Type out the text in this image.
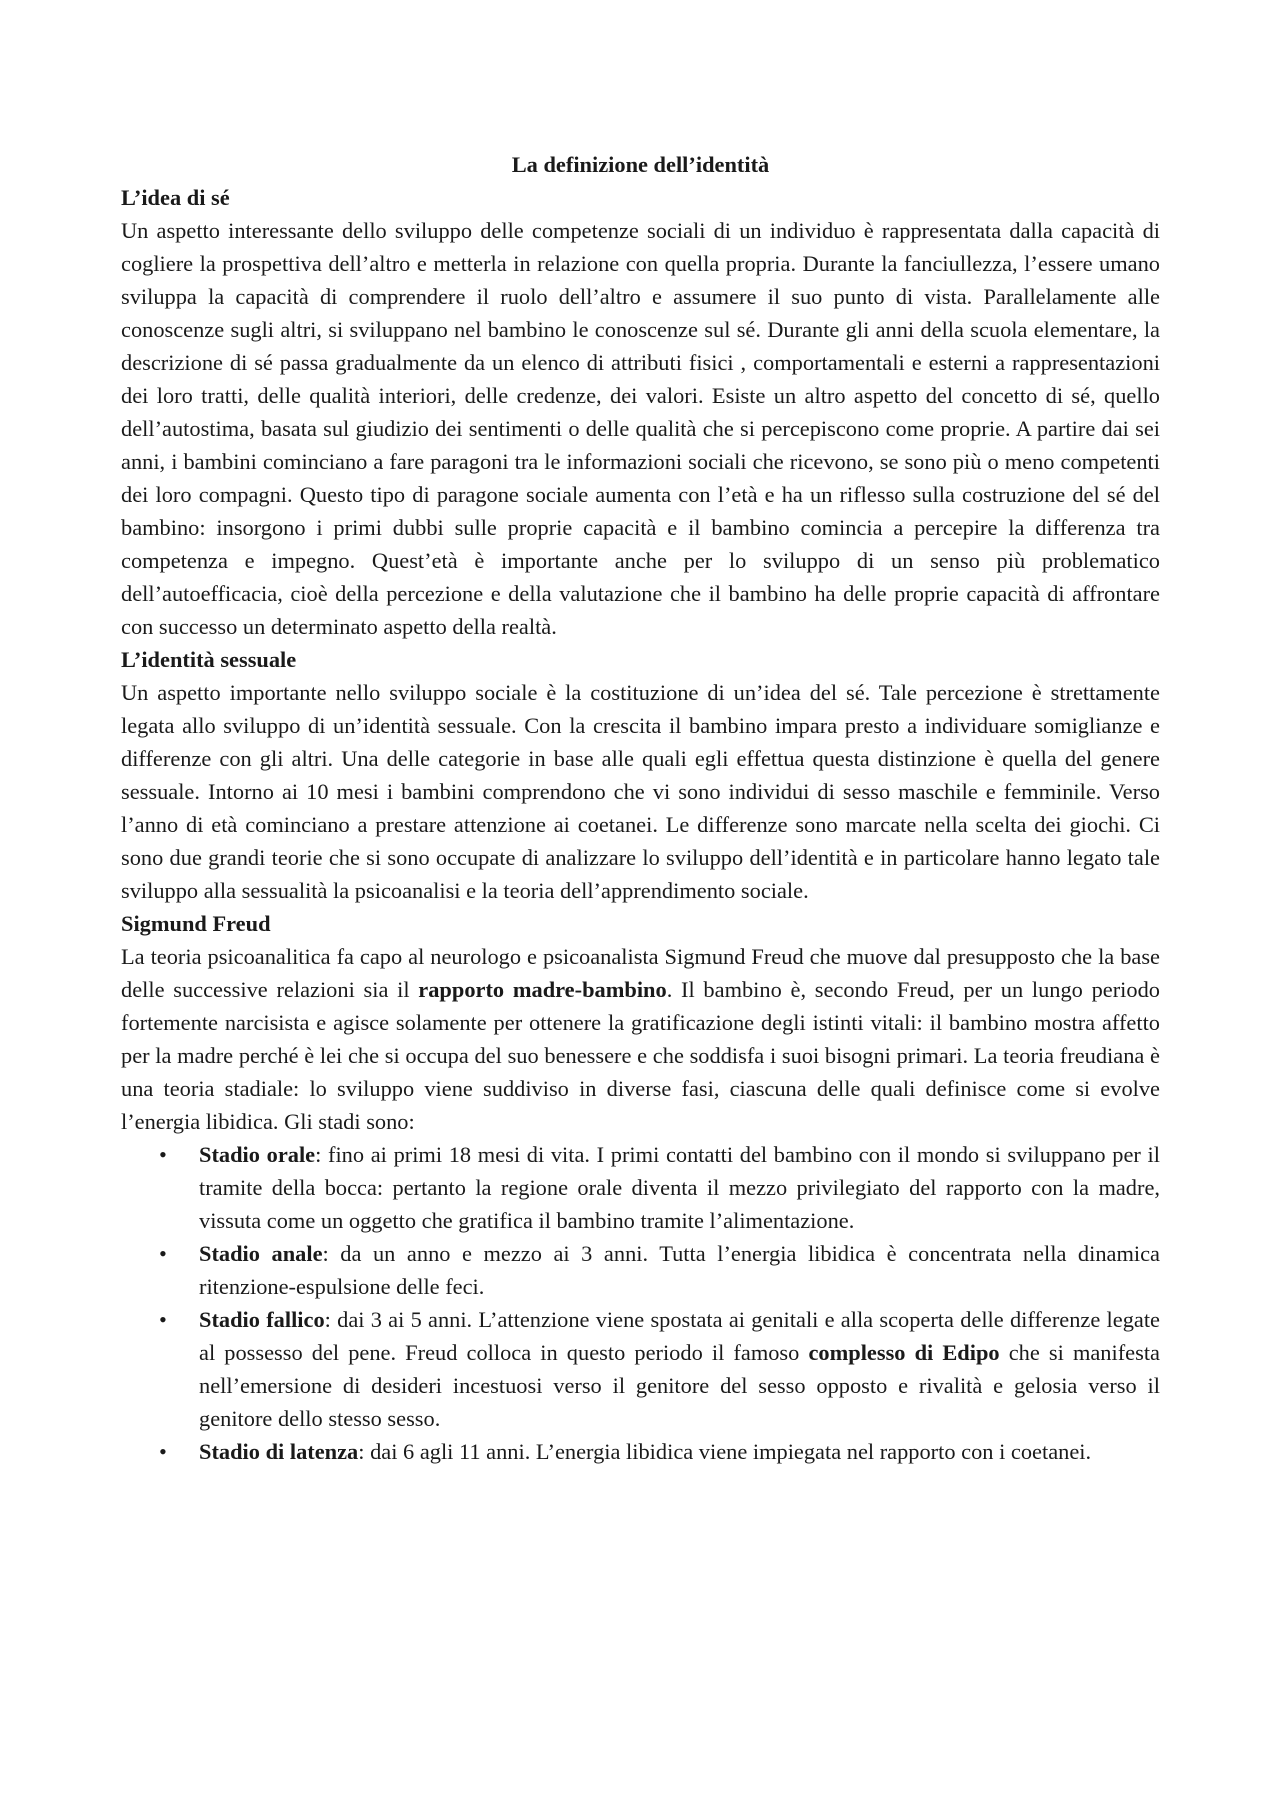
La definizione dell’identità

L’idea di sé

Un aspetto interessante dello sviluppo delle competenze sociali di un individuo è rappresentata dalla capacità di cogliere la prospettiva dell’altro e metterla in relazione con quella propria. Durante la fanciullezza, l’essere umano sviluppa la capacità di comprendere il ruolo dell’altro e assumere il suo punto di vista. Parallelamente alle conoscenze sugli altri, si sviluppano nel bambino le conoscenze sul sé. Durante gli anni della scuola elementare, la descrizione di sé passa gradualmente da un elenco di attributi fisici , comportamentali e esterni a rappresentazioni dei loro tratti, delle qualità interiori, delle credenze, dei valori. Esiste un altro aspetto del concetto di sé, quello dell’autostima, basata sul giudizio dei sentimenti o delle qualità che si percepiscono come proprie. A partire dai sei anni, i bambini cominciano a fare paragoni tra le informazioni sociali che ricevono, se sono più o meno competenti dei loro compagni. Questo tipo di paragone sociale aumenta con l’età e ha un riflesso sulla costruzione del sé del bambino: insorgono i primi dubbi sulle proprie capacità e il bambino comincia a percepire la differenza tra competenza e impegno. Quest’età è importante anche per lo sviluppo di un senso più problematico dell’autoefficacia, cioè della percezione e della valutazione che il bambino ha delle proprie capacità di affrontare con successo un determinato aspetto della realtà.

L’identità sessuale

Un aspetto importante nello sviluppo sociale è la costituzione di un’idea del sé. Tale percezione è strettamente legata allo sviluppo di un’identità sessuale. Con la crescita il bambino impara presto a individuare somiglianze e differenze con gli altri. Una delle categorie in base alle quali egli effettua questa distinzione è quella del genere sessuale. Intorno ai 10 mesi i bambini comprendono che vi sono individui di sesso maschile e femminile. Verso l’anno di età cominciano a prestare attenzione ai coetanei. Le differenze sono marcate nella scelta dei giochi. Ci sono due grandi teorie che si sono occupate di analizzare lo sviluppo dell’identità e in particolare hanno legato tale sviluppo alla sessualità la psicoanalisi e la teoria dell’apprendimento sociale.

Sigmund Freud

La teoria psicoanalitica fa capo al neurologo e psicoanalista Sigmund Freud che muove dal presupposto che la base delle successive relazioni sia il rapporto madre-bambino. Il bambino è, secondo Freud, per un lungo periodo fortemente narcisista e agisce solamente per ottenere la gratificazione degli istinti vitali: il bambino mostra affetto per la madre perché è lei che si occupa del suo benessere e che soddisfa i suoi bisogni primari. La teoria freudiana è una teoria stadiale: lo sviluppo viene suddiviso in diverse fasi, ciascuna delle quali definisce come si evolve l’energia libidica. Gli stadi sono:

• Stadio orale: fino ai primi 18 mesi di vita. I primi contatti del bambino con il mondo si sviluppano per il tramite della bocca: pertanto la regione orale diventa il mezzo privilegiato del rapporto con la madre, vissuta come un oggetto che gratifica il bambino tramite l’alimentazione.
• Stadio anale: da un anno e mezzo ai 3 anni. Tutta l’energia libidica è concentrata nella dinamica ritenzione-espulsione delle feci.
• Stadio fallico: dai 3 ai 5 anni. L’attenzione viene spostata ai genitali e alla scoperta delle differenze legate al possesso del pene. Freud colloca in questo periodo il famoso complesso di Edipo che si manifesta nell’emersione di desideri incestuosi verso il genitore del sesso opposto e rivalità e gelosia verso il genitore dello stesso sesso.
• Stadio di latenza: dai 6 agli 11 anni. L’energia libidica viene impiegata nel rapporto con i coetanei.
